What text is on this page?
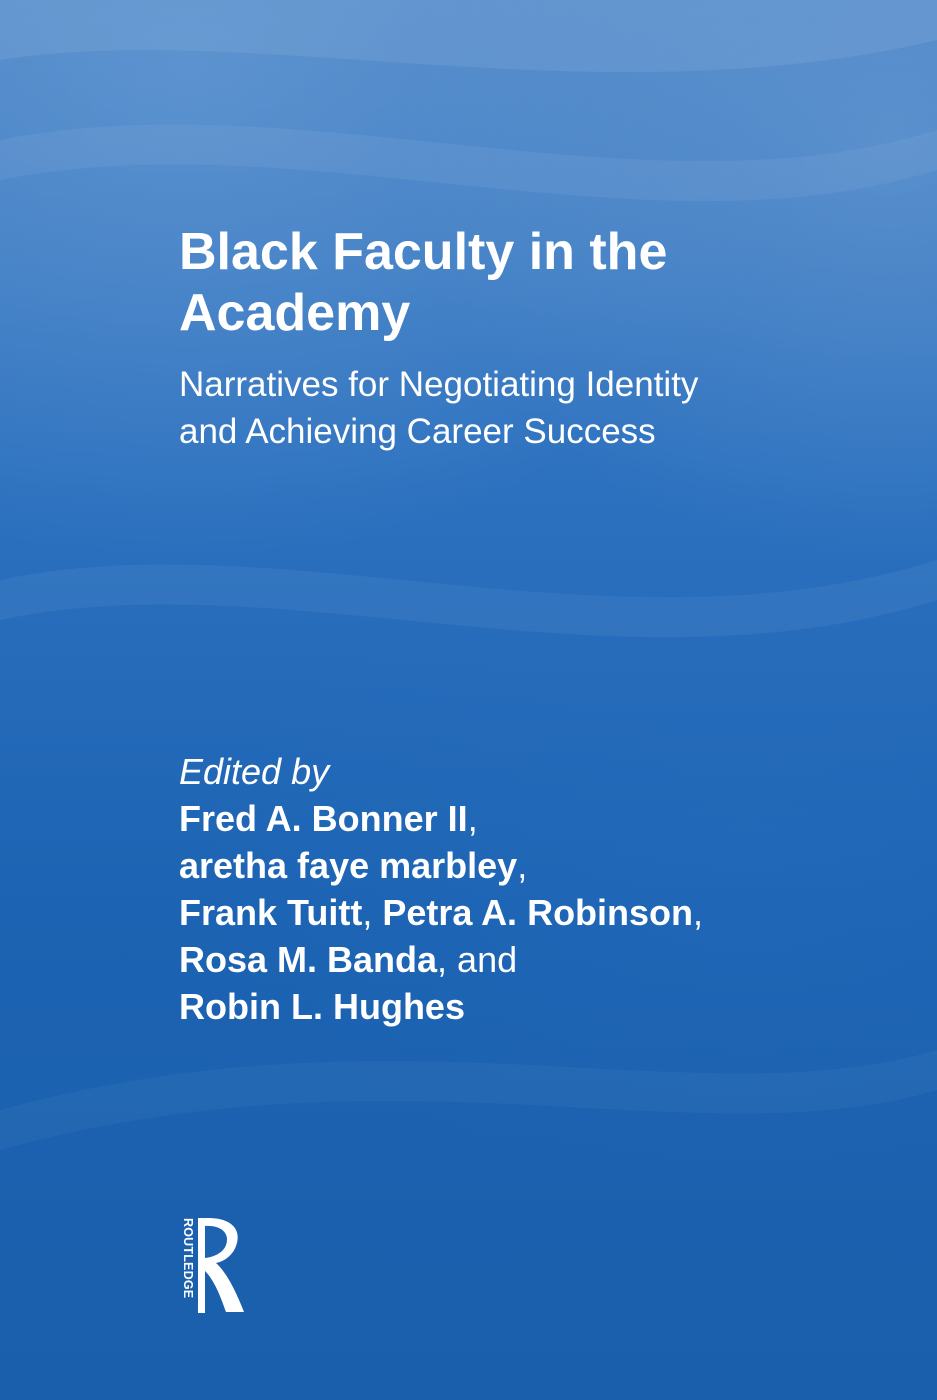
Black Faculty in the
Academy
Narratives for Negotiating Identity
and Achieving Career Success
Edited by
Fred A. Bonner II,
aretha faye marbley,
Frank Tuitt, Petra A. Robinson,
Rosa M. Banda, and
Robin L. Hughes
ROUTLEDGE
